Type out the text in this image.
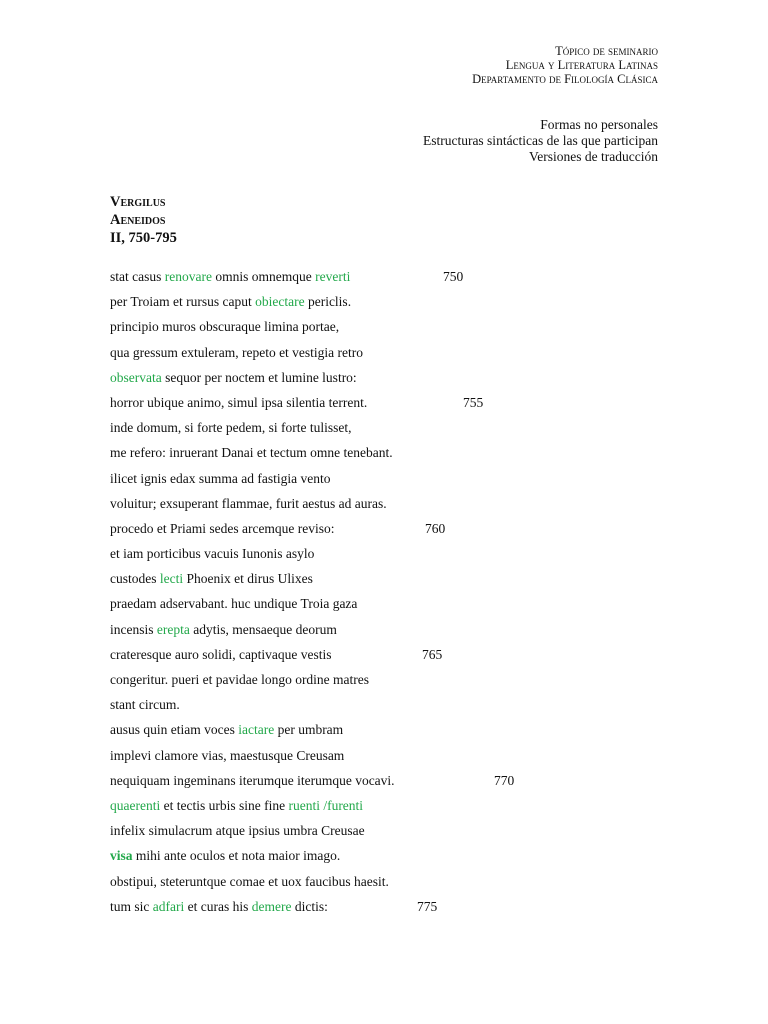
Tópico de seminario
Lengua y Literatura Latinas
Departamento de Filología Clásica
Formas no personales
Estructuras sintácticas de las que participan
Versiones de traducción
Vergilus
Aeneidos
II, 750-795
stat casus renovare omnis omnemque reverti	750
per Troiam et rursus caput obiectare periclis.
principio muros obscuraque limina portae,
qua gressum extuleram, repeto et vestigia retro
observata sequor per noctem et lumine lustro:
horror ubique animo, simul ipsa silentia terrent.	755
inde domum, si forte pedem, si forte tulisset,
me refero: inruerant Danai et tectum omne tenebant.
ilicet ignis edax summa ad fastigia vento
voluitur; exsuperant flammae, furit aestus ad auras.
procedo et Priami sedes arcemque reviso:	760
et iam porticibus vacuis Iunonis asylo
custodes lecti Phoenix et dirus Ulixes
praedam adservabant. huc undique Troia gaza
incensis erepta adytis, mensaeque deorum
crateresque auro solidi, captivaque vestis	765
congeritur. pueri et pavidae longo ordine matres
stant circum.
ausus quin etiam voces iactare per umbram
implevi clamore vias, maestusque Creusam
nequiquam ingeminans iterumque iterumque vocavi.	770
quaerenti et tectis urbis sine fine ruenti /furenti
infelix simulacrum atque ipsius umbra Creusae
visa mihi ante oculos et nota maior imago.
obstipui, steteruntque comae et uox faucibus haesit.
tum sic adfari et curas his demere dictis:	775
